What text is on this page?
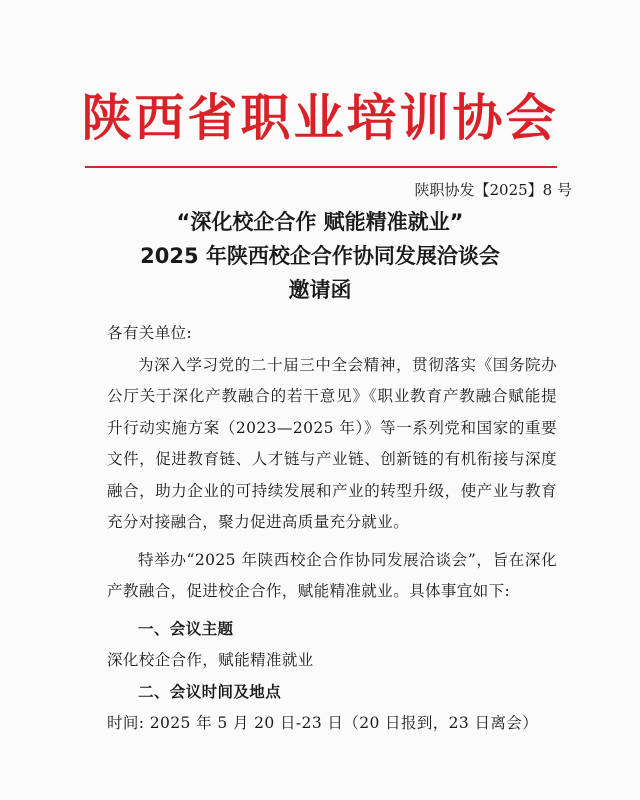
陕西省职业培训协会
陕职协发【2025】8 号
“深化校企合作 赋能精准就业”
2025 年陕西校企合作协同发展洽谈会
邀请函

各有关单位:

为深入学习党的二十届三中全会精神，贯彻落实《国务院办公厅关于深化产教融合的若干意见》《职业教育产教融合赋能提升行动实施方案（2023—2025 年）》等一系列党和国家的重要文件，促进教育链、人才链与产业链、创新链的有机衔接与深度融合，助力企业的可持续发展和产业的转型升级，使产业与教育充分对接融合，聚力促进高质量充分就业。

特举办“2025 年陕西校企合作协同发展洽谈会”，旨在深化产教融合，促进校企合作，赋能精准就业。具体事宜如下:

一、会议主题

深化校企合作，赋能精准就业

二、会议时间及地点

时间: 2025 年 5 月 20 日-23 日（20 日报到，23 日离会）
